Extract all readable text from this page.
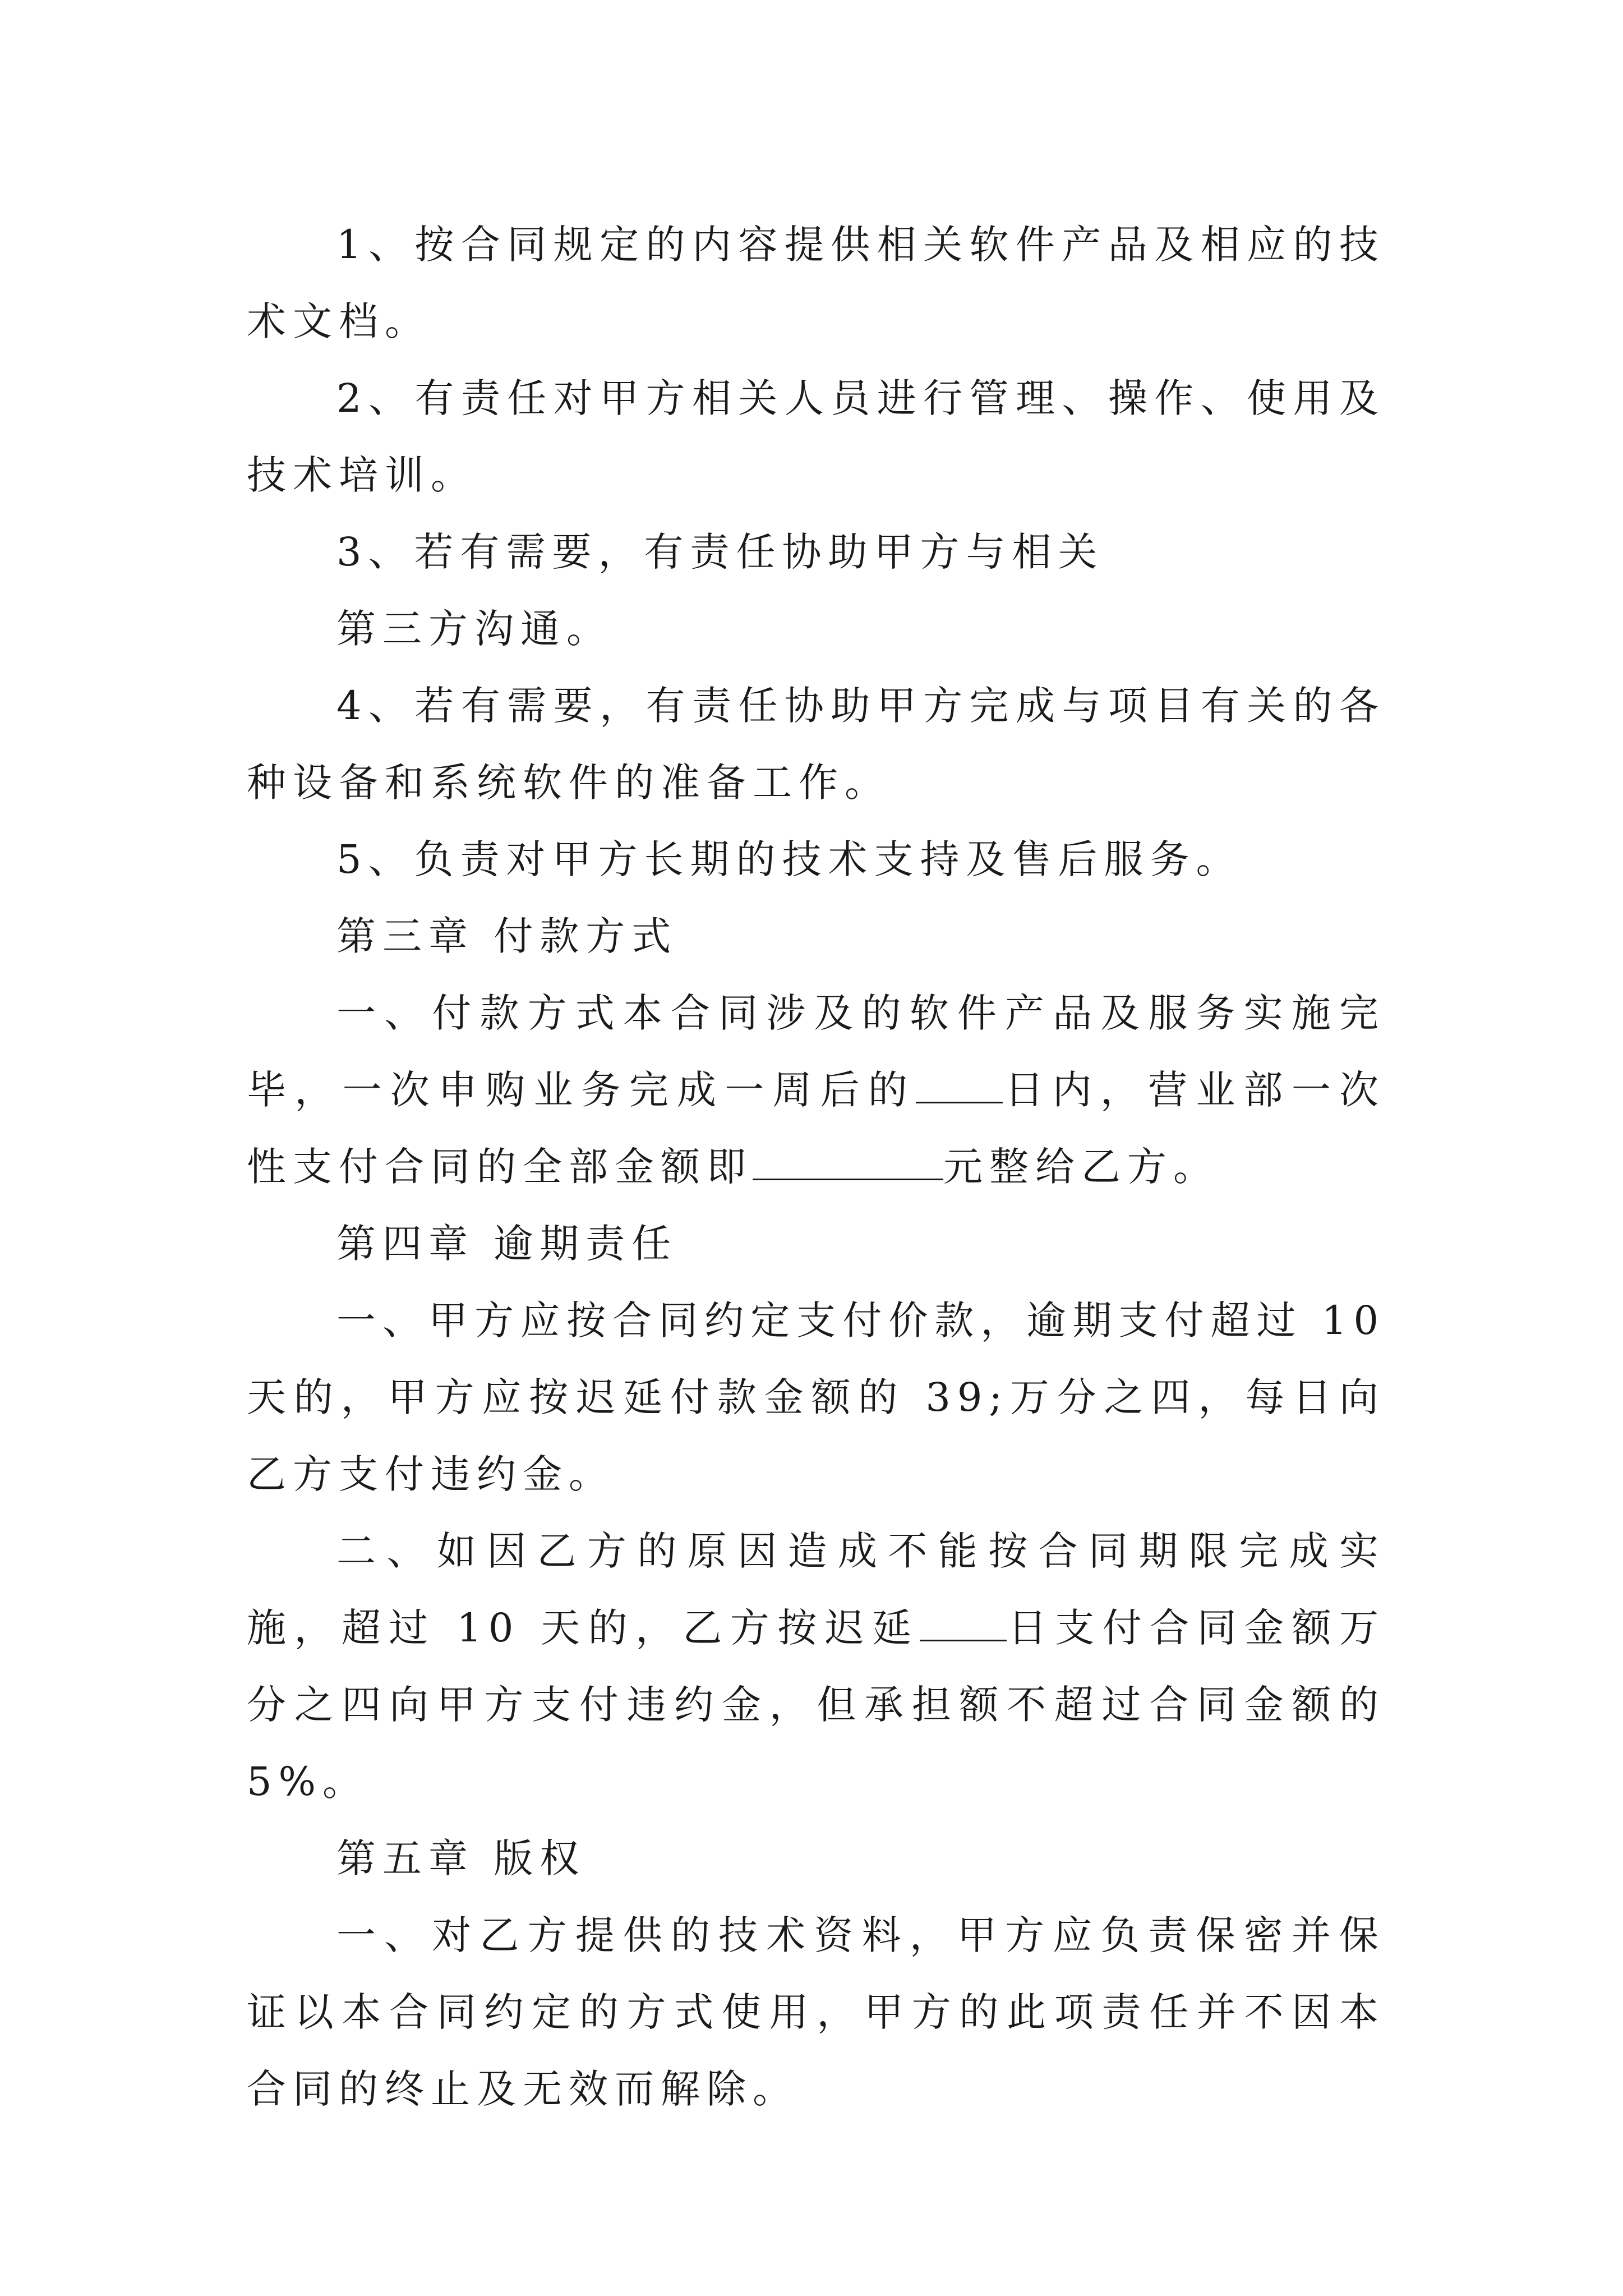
1、按合同规定的内容提供相关软件产品及相应的技术文档。

2、有责任对甲方相关人员进行管理、操作、使用及技术培训。

3、若有需要，有责任协助甲方与相关

第三方沟通。

4、若有需要，有责任协助甲方完成与项目有关的各种设备和系统软件的准备工作。

5、负责对甲方长期的技术支持及售后服务。

第三章 付款方式

一、付款方式本合同涉及的软件产品及服务实施完毕，一次申购业务完成一周后的 日内，营业部一次性支付合同的全部金额即	元整给乙方。

第四章 逾期责任

一、甲方应按合同约定支付价款，逾期支付超过 10 天的，甲方应按迟延付款金额的 39;万分之四，每日向乙方支付违约金。

二、如因乙方的原因造成不能按合同期限完成实施，超过 10 天的，乙方按迟延 日支付合同金额万分之四向甲方支付违约金，但承担额不超过合同金额的 5%。

第五章 版权

一、对乙方提供的技术资料，甲方应负责保密并保证以本合同约定的方式使用，甲方的此项责任并不因本合同的终止及无效而解除。
